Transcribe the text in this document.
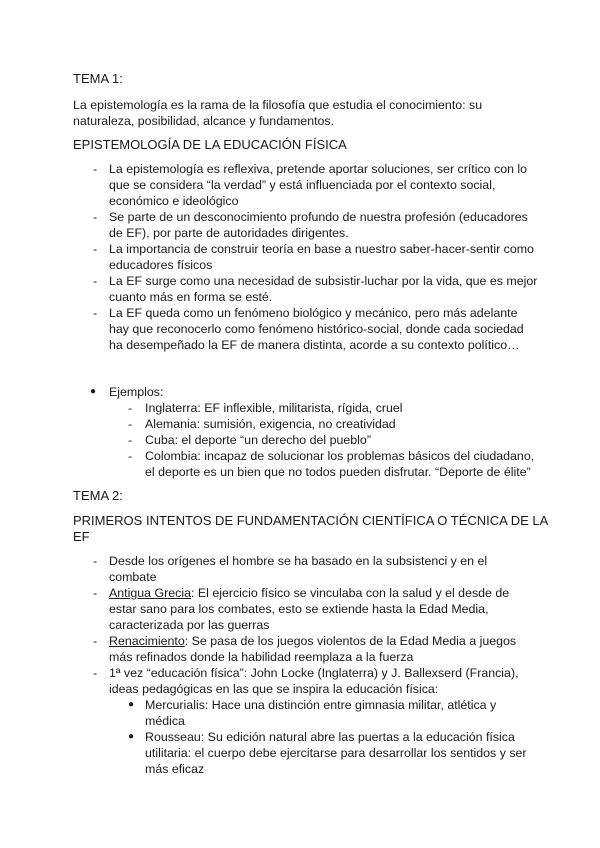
TEMA 1:

La epistemología es la rama de la filosofía que estudia el conocimiento: su

naturaleza, posibilidad, alcance y fundamentos.

EPISTEMOLOGÍA DE LA EDUCACIÓN FÍSICA

- La epistemología es reflexiva, pretende aportar soluciones, ser crítico con lo

que se considera “la verdad” y está influenciada por el contexto social,

económico e ideológico

- Se parte de un desconocimiento profundo de nuestra profesión (educadores

de EF), por parte de autoridades dirigentes.

- La importancia de construir teoría en base a nuestro saber-hacer-sentir como

educadores físicos

- La EF surge como una necesidad de subsistir-luchar por la vida, que es mejor

cuanto más en forma se esté.

- La EF queda como un fenómeno biológico y mecánico, pero más adelante

hay que reconocerlo como fenómeno histórico-social, donde cada sociedad

ha desempeñado la EF de manera distinta, acorde a su contexto político…

● Ejemplos:

- Inglaterra: EF inflexible, militarista, rígida, cruel

- Alemania: sumisión, exigencia, no creatividad

- Cuba: el deporte “un derecho del pueblo”

- Colombia: incapaz de solucionar los problemas básicos del ciudadano,

el deporte es un bien que no todos pueden disfrutar. “Deporte de élite”

TEMA 2:

PRIMEROS INTENTOS DE FUNDAMENTACIÓN CIENTÍFICA O TÉCNICA DE LA

EF

- Desde los orígenes el hombre se ha basado en la subsistenci y en el

combate

- Antigua Grecia: El ejercicio físico se vinculaba con la salud y el desde de

estar sano para los combates, esto se extiende hasta la Edad Media,

caracterizada por las guerras

- Renacimiento: Se pasa de los juegos violentos de la Edad Media a juegos

más refinados donde la habilidad reemplaza a la fuerza

- 1ª vez “educación física”: John Locke (Inglaterra) y J. Ballexserd (Francia),

ideas pedagógicas en las que se inspira la educación física:

● Mercurialis: Hace una distinción entre gimnasia militar, atlética y

médica

● Rousseau: Su edición natural abre las puertas a la educación física

utilitaria: el cuerpo debe ejercitarse para desarrollar los sentidos y ser

más eficaz
